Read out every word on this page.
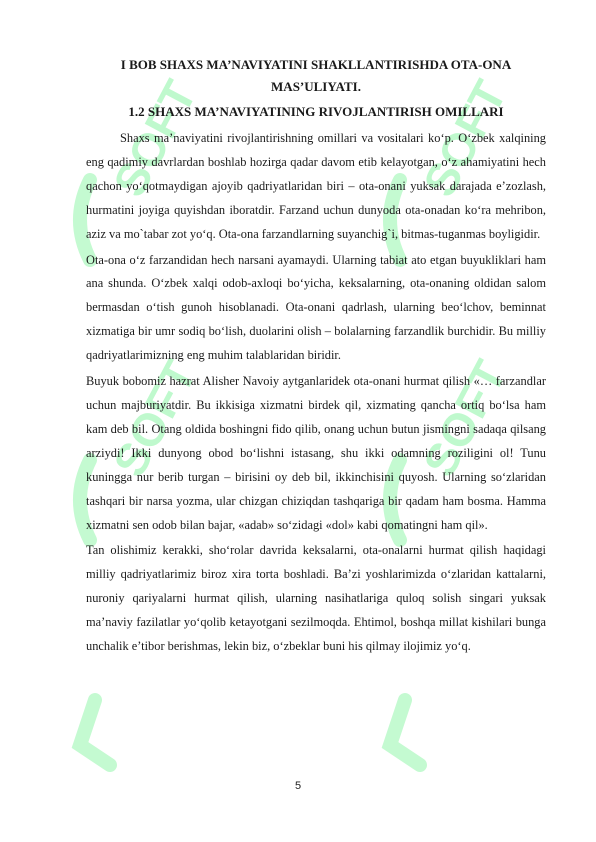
SOFT	SOFT
SOFT	SOFT

I BOB SHAXS MA’NAVIYATINI SHAKLLANTIRISHDA OTA-ONA

MAS’ULIYATI.

1.2 SHAXS MA’NAVIYATINING RIVOJLANTIRISH OMILLARI

Shaxs ma’naviyatini rivojlantirishning omillari va vositalari ko‘p. O‘zbek xalqining eng qadimiy davrlardan boshlab hozirga qadar davom etib kelayotgan, o‘z ahamiyatini hech qachon yo‘qotmaydigan ajoyib qadriyatlaridan biri – ota-onani yuksak darajada e’zozlash, hurmatini joyiga quyishdan iboratdir. Farzand uchun dunyoda ota-onadan ko‘ra mehribon, aziz va mo`tabar zot yo‘q. Ota-ona farzandlarning suyanchig`i, bitmas-tuganmas boyligidir.

Ota-ona o‘z farzandidan hech narsani ayamaydi. Ularning tabiat ato etgan buyukliklari ham ana shunda. O‘zbek xalqi odob-axloqi bo‘yicha, keksalarning, ota-onaning oldidan salom bermasdan o‘tish gunoh hisoblanadi. Ota-onani qadrlash, ularning beo‘lchov, beminnat xizmatiga bir umr sodiq bo‘lish, duolarini olish – bolalarning farzandlik burchidir. Bu milliy qadriyatlarimizning eng muhim talablaridan biridir.

Buyuk bobomiz hazrat Alisher Navoiy aytganlaridek ota-onani hurmat qilish «… farzandlar uchun majburiyatdir. Bu ikkisiga xizmatni birdek qil, xizmating qancha ortiq bo‘lsa ham kam deb bil. Otang oldida boshingni fido qilib, onang uchun butun jismingni sadaqa qilsang arziydi! Ikki dunyong obod bo‘lishni istasang, shu ikki odamning roziligini ol! Tunu kuningga nur berib turgan – birisini oy deb bil, ikkinchisini quyosh. Ularning so‘zlaridan tashqari bir narsa yozma, ular chizgan chiziqdan tashqariga bir qadam ham bosma. Hamma xizmatni sen odob bilan bajar, «adab» so‘zidagi «dol» kabi qomatingni ham qil».

Tan olishimiz kerakki, sho‘rolar davrida keksalarni, ota-onalarni hurmat qilish haqidagi milliy qadriyatlarimiz biroz xira torta boshladi. Ba’zi yoshlarimizda o‘zlaridan kattalarni, nuroniy qariyalarni hurmat qilish, ularning nasihatlariga quloq solish singari yuksak ma’naviy fazilatlar yo‘qolib ketayotgani sezilmoqda. Ehtimol, boshqa millat kishilari bunga unchalik e’tibor berishmas, lekin biz, o‘zbeklar buni his qilmay ilojimiz yo‘q.

5
